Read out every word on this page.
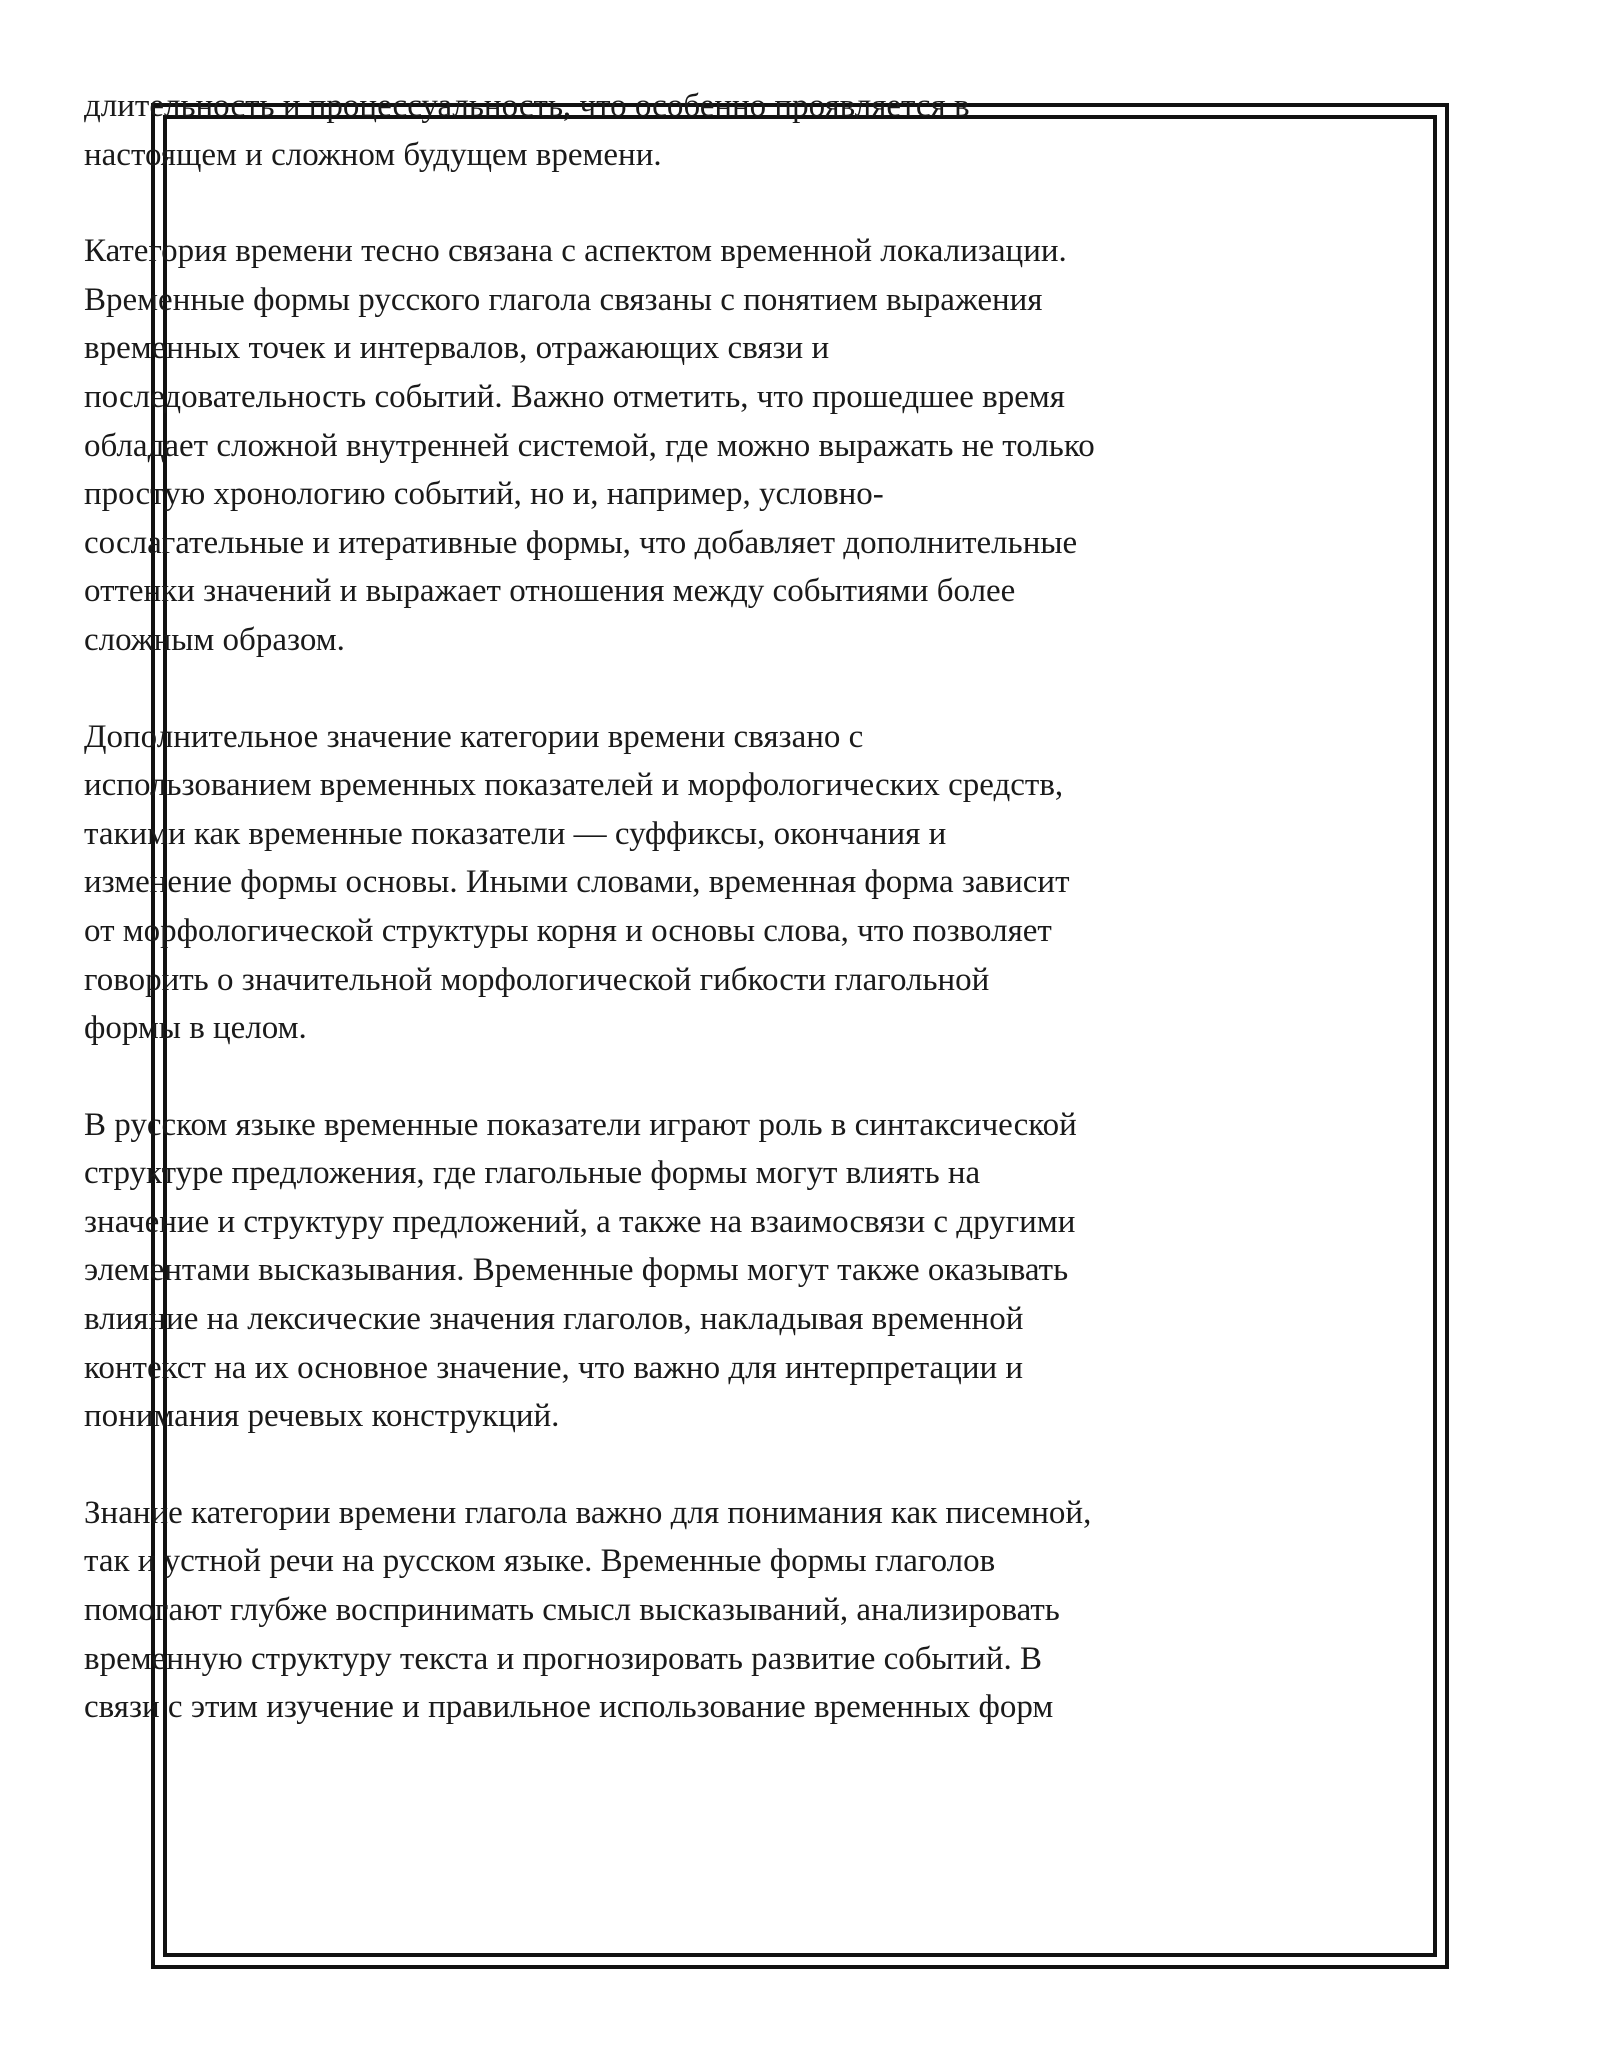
длительность и процессуальность, что особенно проявляется в
настоящем и сложном будущем времени.

Категория времени тесно связана с аспектом временной локализации.
Временные формы русского глагола связаны с понятием выражения
временных точек и интервалов, отражающих связи и
последовательность событий. Важно отметить, что прошедшее время
обладает сложной внутренней системой, где можно выражать не только
простую хронологию событий, но и, например, условно-
сослагательные и итеративные формы, что добавляет дополнительные
оттенки значений и выражает отношения между событиями более
сложным образом.

Дополнительное значение категории времени связано с
использованием временных показателей и морфологических средств,
такими как временные показатели — суффиксы, окончания и
изменение формы основы. Иными словами, временная форма зависит
от морфологической структуры корня и основы слова, что позволяет
говорить о значительной морфологической гибкости глагольной
формы в целом.

В русском языке временные показатели играют роль в синтаксической
структуре предложения, где глагольные формы могут влиять на
значение и структуру предложений, а также на взаимосвязи с другими
элементами высказывания. Временные формы могут также оказывать
влияние на лексические значения глаголов, накладывая временной
контекст на их основное значение, что важно для интерпретации и
понимания речевых конструкций.

Знание категории времени глагола важно для понимания как писемной,
так и устной речи на русском языке. Временные формы глаголов
помогают глубже воспринимать смысл высказываний, анализировать
временную структуру текста и прогнозировать развитие событий. В
связи с этим изучение и правильное использование временных форм
